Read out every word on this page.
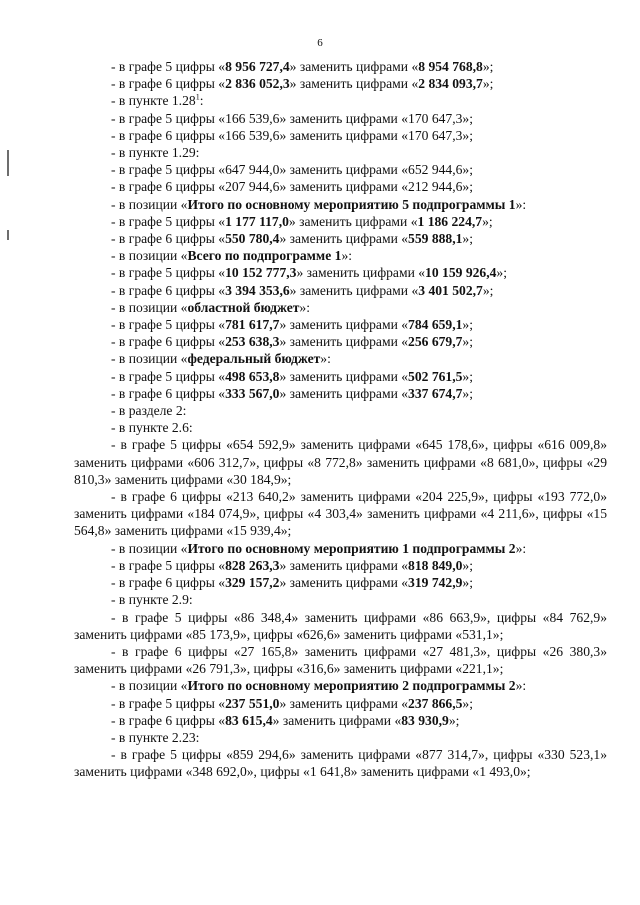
6

- в графе 5 цифры «8 956 727,4» заменить цифрами «8 954 768,8»;

- в графе 6 цифры «2 836 052,3» заменить цифрами «2 834 093,7»;

- в пункте 1.28$^1$:

- в графе 5 цифры «166 539,6» заменить цифрами «170 647,3»;

- в графе 6 цифры «166 539,6» заменить цифрами «170 647,3»;

- в пункте 1.29:

- в графе 5 цифры «647 944,0» заменить цифрами «652 944,6»;

- в графе 6 цифры «207 944,6» заменить цифрами «212 944,6»;

- в позиции «Итого по основному мероприятию 5 подпрограммы 1»:

- в графе 5 цифры «1 177 117,0» заменить цифрами «1 186 224,7»;

- в графе 6 цифры «550 780,4» заменить цифрами «559 888,1»;

- в позиции «Всего по подпрограмме 1»:

- в графе 5 цифры «10 152 777,3» заменить цифрами «10 159 926,4»;

- в графе 6 цифры «3 394 353,6» заменить цифрами «3 401 502,7»;

- в позиции «областной бюджет»:

- в графе 5 цифры «781 617,7» заменить цифрами «784 659,1»;

- в графе 6 цифры «253 638,3» заменить цифрами «256 679,7»;

- в позиции «федеральный бюджет»:

- в графе 5 цифры «498 653,8» заменить цифрами «502 761,5»;

- в графе 6 цифры «333 567,0» заменить цифрами «337 674,7»;

- в разделе 2:

- в пункте 2.6:

- в графе 5 цифры «654 592,9» заменить цифрами «645 178,6», цифры «616 009,8» заменить цифрами «606 312,7», цифры «8 772,8» заменить цифрами «8 681,0», цифры «29 810,3» заменить цифрами «30 184,9»;

- в графе 6 цифры «213 640,2» заменить цифрами «204 225,9», цифры «193 772,0» заменить цифрами «184 074,9», цифры «4 303,4» заменить цифрами «4 211,6», цифры «15 564,8» заменить цифрами «15 939,4»;

- в позиции «Итого по основному мероприятию 1 подпрограммы 2»:

- в графе 5 цифры «828 263,3» заменить цифрами «818 849,0»;

- в графе 6 цифры «329 157,2» заменить цифрами «319 742,9»;

- в пункте 2.9:

- в графе 5 цифры «86 348,4» заменить цифрами «86 663,9», цифры «84 762,9» заменить цифрами «85 173,9», цифры «626,6» заменить цифрами «531,1»;

- в графе 6 цифры «27 165,8» заменить цифрами «27 481,3», цифры «26 380,3» заменить цифрами «26 791,3», цифры «316,6» заменить цифрами «221,1»;

- в позиции «Итого по основному мероприятию 2 подпрограммы 2»:

- в графе 5 цифры «237 551,0» заменить цифрами «237 866,5»;

- в графе 6 цифры «83 615,4» заменить цифрами «83 930,9»;

- в пункте 2.23:

- в графе 5 цифры «859 294,6» заменить цифрами «877 314,7», цифры «330 523,1» заменить цифрами «348 692,0», цифры «1 641,8» заменить цифрами «1 493,0»;
